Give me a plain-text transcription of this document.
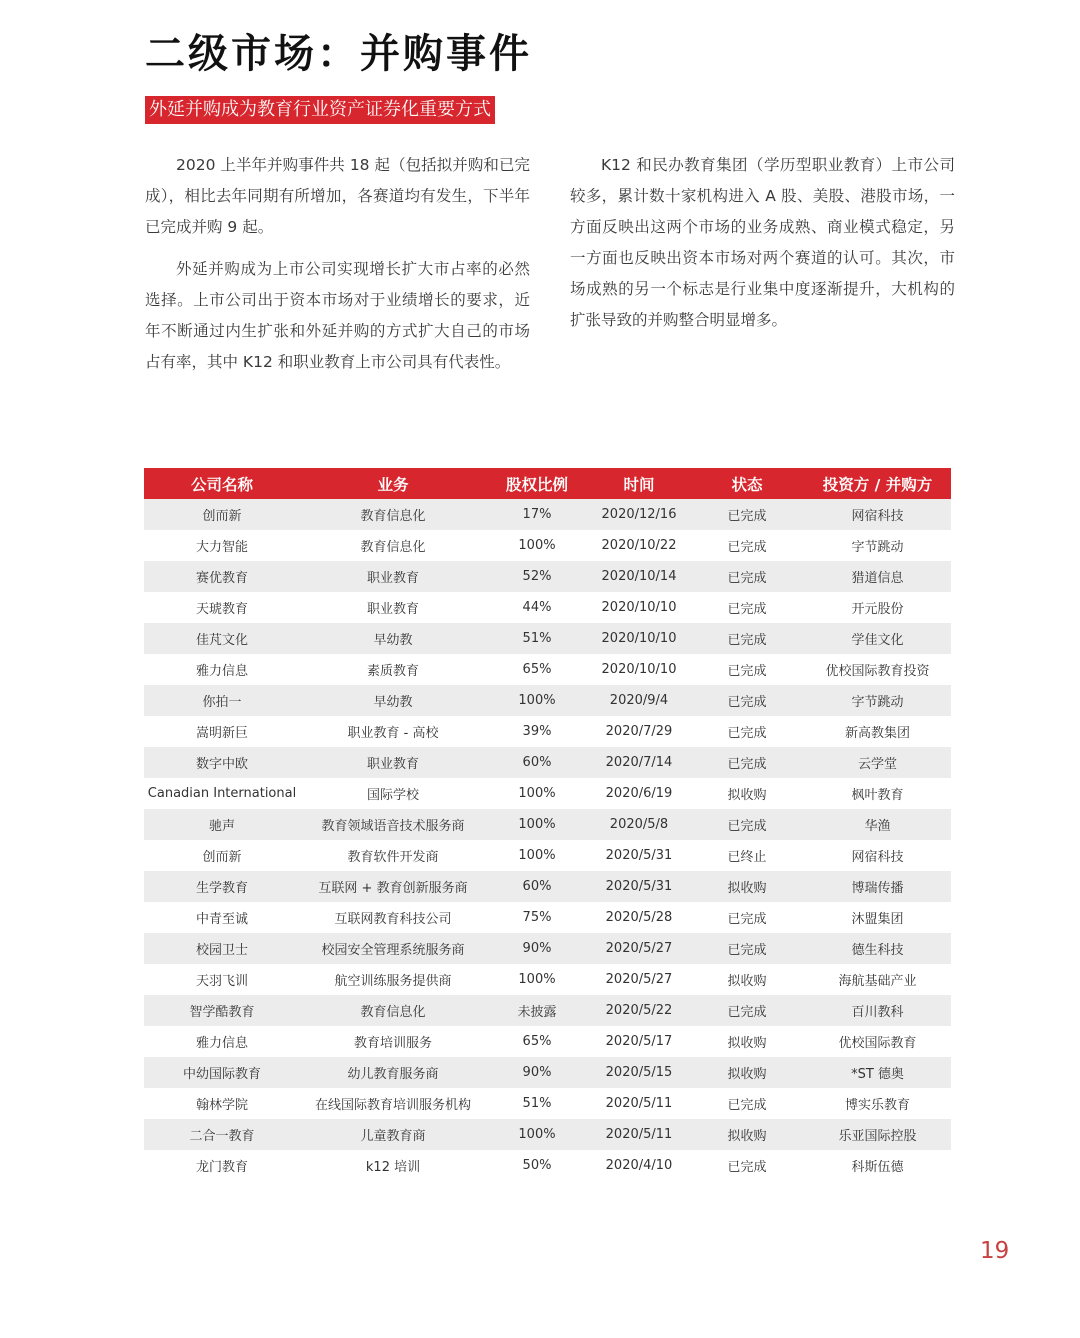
二级市场：并购事件
外延并购成为教育行业资产证券化重要方式

2020 上半年并购事件共 18 起（包括拟并购和已完成），相比去年同期有所增加，各赛道均有发生，下半年已完成并购 9 起。

外延并购成为上市公司实现增长扩大市占率的必然选择。上市公司出于资本市场对于业绩增长的要求，近年不断通过内生扩张和外延并购的方式扩大自己的市场占有率，其中 K12 和职业教育上市公司具有代表性。

K12 和民办教育集团（学历型职业教育）上市公司较多，累计数十家机构进入 A 股、美股、港股市场，一方面反映出这两个市场的业务成熟、商业模式稳定，另一方面也反映出资本市场对两个赛道的认可。其次，市场成熟的另一个标志是行业集中度逐渐提升，大机构的扩张导致的并购整合明显增多。

公司名称	业务	股权比例	时间	状态	投资方 / 并购方
创而新	教育信息化	17%	2020/12/16	已完成	网宿科技
大力智能	教育信息化	100%	2020/10/22	已完成	字节跳动
赛优教育	职业教育	52%	2020/10/14	已完成	猎道信息
天琥教育	职业教育	44%	2020/10/10	已完成	开元股份
佳芃文化	早幼教	51%	2020/10/10	已完成	学佳文化
雅力信息	素质教育	65%	2020/10/10	已完成	优校国际教育投资
你拍一	早幼教	100%	2020/9/4	已完成	字节跳动
嵩明新巨	职业教育 - 高校	39%	2020/7/29	已完成	新高教集团
数字中欧	职业教育	60%	2020/7/14	已完成	云学堂
Canadian International	国际学校	100%	2020/6/19	拟收购	枫叶教育
驰声	教育领域语音技术服务商	100%	2020/5/8	已完成	华渔
创而新	教育软件开发商	100%	2020/5/31	已终止	网宿科技
生学教育	互联网 + 教育创新服务商	60%	2020/5/31	拟收购	博瑞传播
中青至诚	互联网教育科技公司	75%	2020/5/28	已完成	沐盟集团
校园卫士	校园安全管理系统服务商	90%	2020/5/27	已完成	德生科技
天羽飞训	航空训练服务提供商	100%	2020/5/27	拟收购	海航基础产业
智学酷教育	教育信息化	未披露	2020/5/22	已完成	百川教科
雅力信息	教育培训服务	65%	2020/5/17	拟收购	优校国际教育
中幼国际教育	幼儿教育服务商	90%	2020/5/15	拟收购	*ST 德奥
翰林学院	在线国际教育培训服务机构	51%	2020/5/11	已完成	博实乐教育
二合一教育	儿童教育商	100%	2020/5/11	拟收购	乐亚国际控股
龙门教育	k12 培训	50%	2020/4/10	已完成	科斯伍德
19
